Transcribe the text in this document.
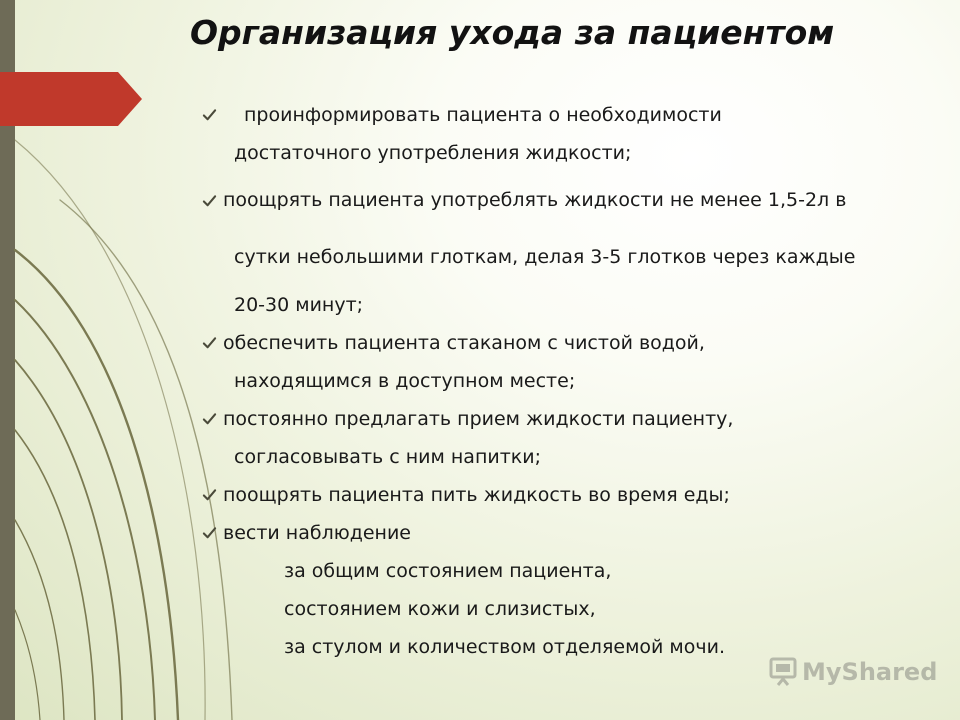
Организация ухода за пациентом
проинформировать пациента о необходимости
достаточного употребления жидкости;
поощрять пациента употреблять жидкости не менее 1,5-2л в
сутки небольшими глоткам, делая 3-5 глотков через каждые
20-30 минут;
обеспечить пациента стаканом с чистой водой,
находящимся в доступном месте;
постоянно предлагать прием жидкости пациенту,
согласовывать с ним напитки;
поощрять пациента пить жидкость во время еды;
вести наблюдение
за общим состоянием пациента,
состоянием кожи и слизистых,
за стулом и количеством отделяемой мочи.
MyShared
